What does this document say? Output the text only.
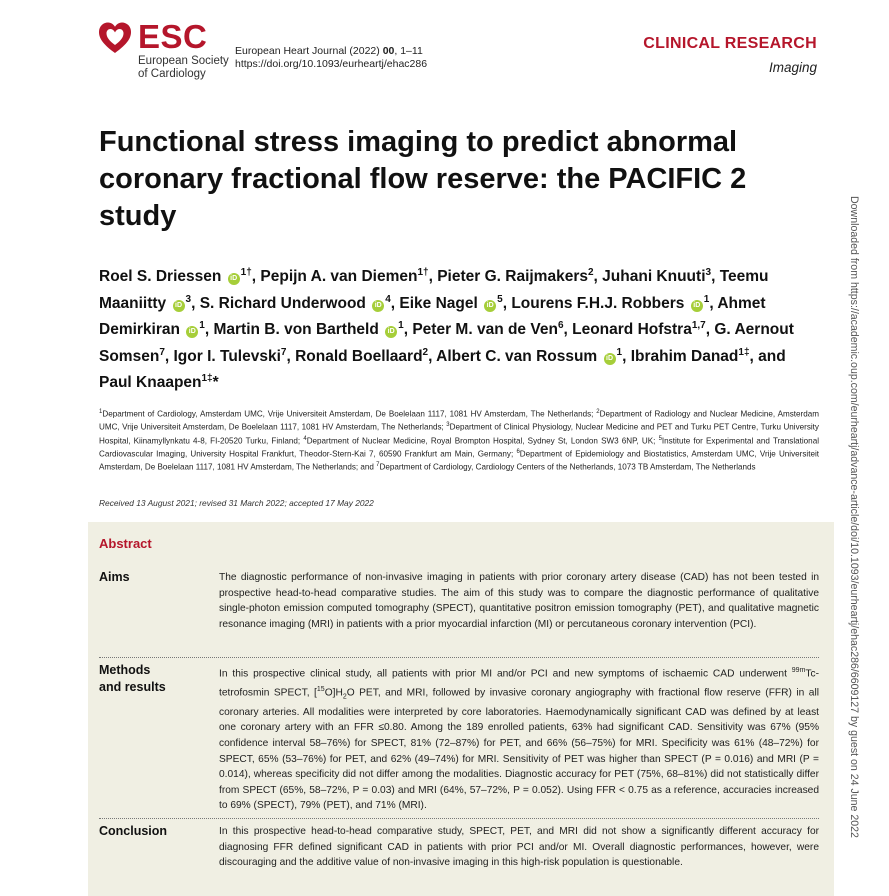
ESC
European Society
of Cardiology
European Heart Journal (2022) 00, 1–11
https://doi.org/10.1093/eurheartj/ehac286
CLINICAL RESEARCH
Imaging
Functional stress imaging to predict abnormal coronary fractional flow reserve: the PACIFIC 2 study
Roel S. Driessen $iD^{1\dagger}$, Pepijn A. van Diemen$^{1\dagger}$, Pieter G. Raijmakers$^2$, Juhani Knuuti$^3$, Teemu Maaniitty $iD^3$, S. Richard Underwood $iD^4$, Eike Nagel $iD^5$, Lourens F.H.J. Robbers $iD^1$, Ahmet Demirkiran $iD^1$, Martin B. von Bartheld $iD^1$, Peter M. van de Ven$^6$, Leonard Hofstra$^{1,7}$, G. Aernout Somsen$^7$, Igor I. Tulevski$^7$, Ronald Boellaard$^2$, Albert C. van Rossum $iD^1$, Ibrahim Danad$^{1\ddagger}$, and Paul Knaapen$^{1\ddagger}$*
$^1$Department of Cardiology, Amsterdam UMC, Vrije Universiteit Amsterdam, De Boelelaan 1117, 1081 HV Amsterdam, The Netherlands; $^2$Department of Radiology and Nuclear Medicine, Amsterdam UMC, Vrije Universiteit Amsterdam, De Boelelaan 1117, 1081 HV Amsterdam, The Netherlands; $^3$Department of Clinical Physiology, Nuclear Medicine and PET and Turku PET Centre, Turku University Hospital, Kiinamyllynkatu 4-8, FI-20520 Turku, Finland; $^4$Department of Nuclear Medicine, Royal Brompton Hospital, Sydney St, London SW3 6NP, UK; $^5$Institute for Experimental and Translational Cardiovascular Imaging, University Hospital Frankfurt, Theodor-Stern-Kai 7, 60590 Frankfurt am Main, Germany; $^6$Department of Epidemiology and Biostatistics, Amsterdam UMC, Vrije Universiteit Amsterdam, De Boelelaan 1117, 1081 HV Amsterdam, The Netherlands; and $^7$Department of Cardiology, Cardiology Centers of the Netherlands, 1073 TB Amsterdam, The Netherlands
Received 13 August 2021; revised 31 March 2022; accepted 17 May 2022
Abstract
Aims	The diagnostic performance of non-invasive imaging in patients with prior coronary artery disease (CAD) has not been tested in prospective head-to-head comparative studies. The aim of this study was to compare the diagnostic performance of qualitative single-photon emission computed tomography (SPECT), quantitative positron emission tomography (PET), and qualitative magnetic resonance imaging (MRI) in patients with a prior myocardial infarction (MI) or percutaneous coronary intervention (PCI).
Methods
and results
In this prospective clinical study, all patients with prior MI and/or PCI and new symptoms of ischaemic CAD underwent $^{99m}$Tc-tetrofosmin SPECT, $[^{15}O]H_2O$ PET, and MRI, followed by invasive coronary angiography with fractional flow reserve (FFR) in all coronary arteries. All modalities were interpreted by core laboratories. Haemodynamically significant CAD was defined by at least one coronary artery with an FFR ≤0.80. Among the 189 enrolled patients, 63% had significant CAD. Sensitivity was 67% (95% confidence interval 58–76%) for SPECT, 81% (72–87%) for PET, and 66% (56–75%) for MRI. Specificity was 61% (48–72%) for SPECT, 65% (53–76%) for PET, and 62% (49–74%) for MRI. Sensitivity of PET was higher than SPECT (P = 0.016) and MRI (P = 0.014), whereas specificity did not differ among the modalities. Diagnostic accuracy for PET (75%, 68–81%) did not statistically differ from SPECT (65%, 58–72%, P = 0.03) and MRI (64%, 57–72%, P = 0.052). Using FFR < 0.75 as a reference, accuracies increased to 69% (SPECT), 79% (PET), and 71% (MRI).
Conclusion	In this prospective head-to-head comparative study, SPECT, PET, and MRI did not show a significantly different accuracy for diagnosing FFR defined significant CAD in patients with prior PCI and/or MI. Overall diagnostic performances, however, were discouraging and the additive value of non-invasive imaging in this high-risk population is questionable.
Downloaded from https://academic.oup.com/eurheartj/advance-article/doi/10.1093/eurheartj/ehac286/6609127 by guest on 24 June 2022
